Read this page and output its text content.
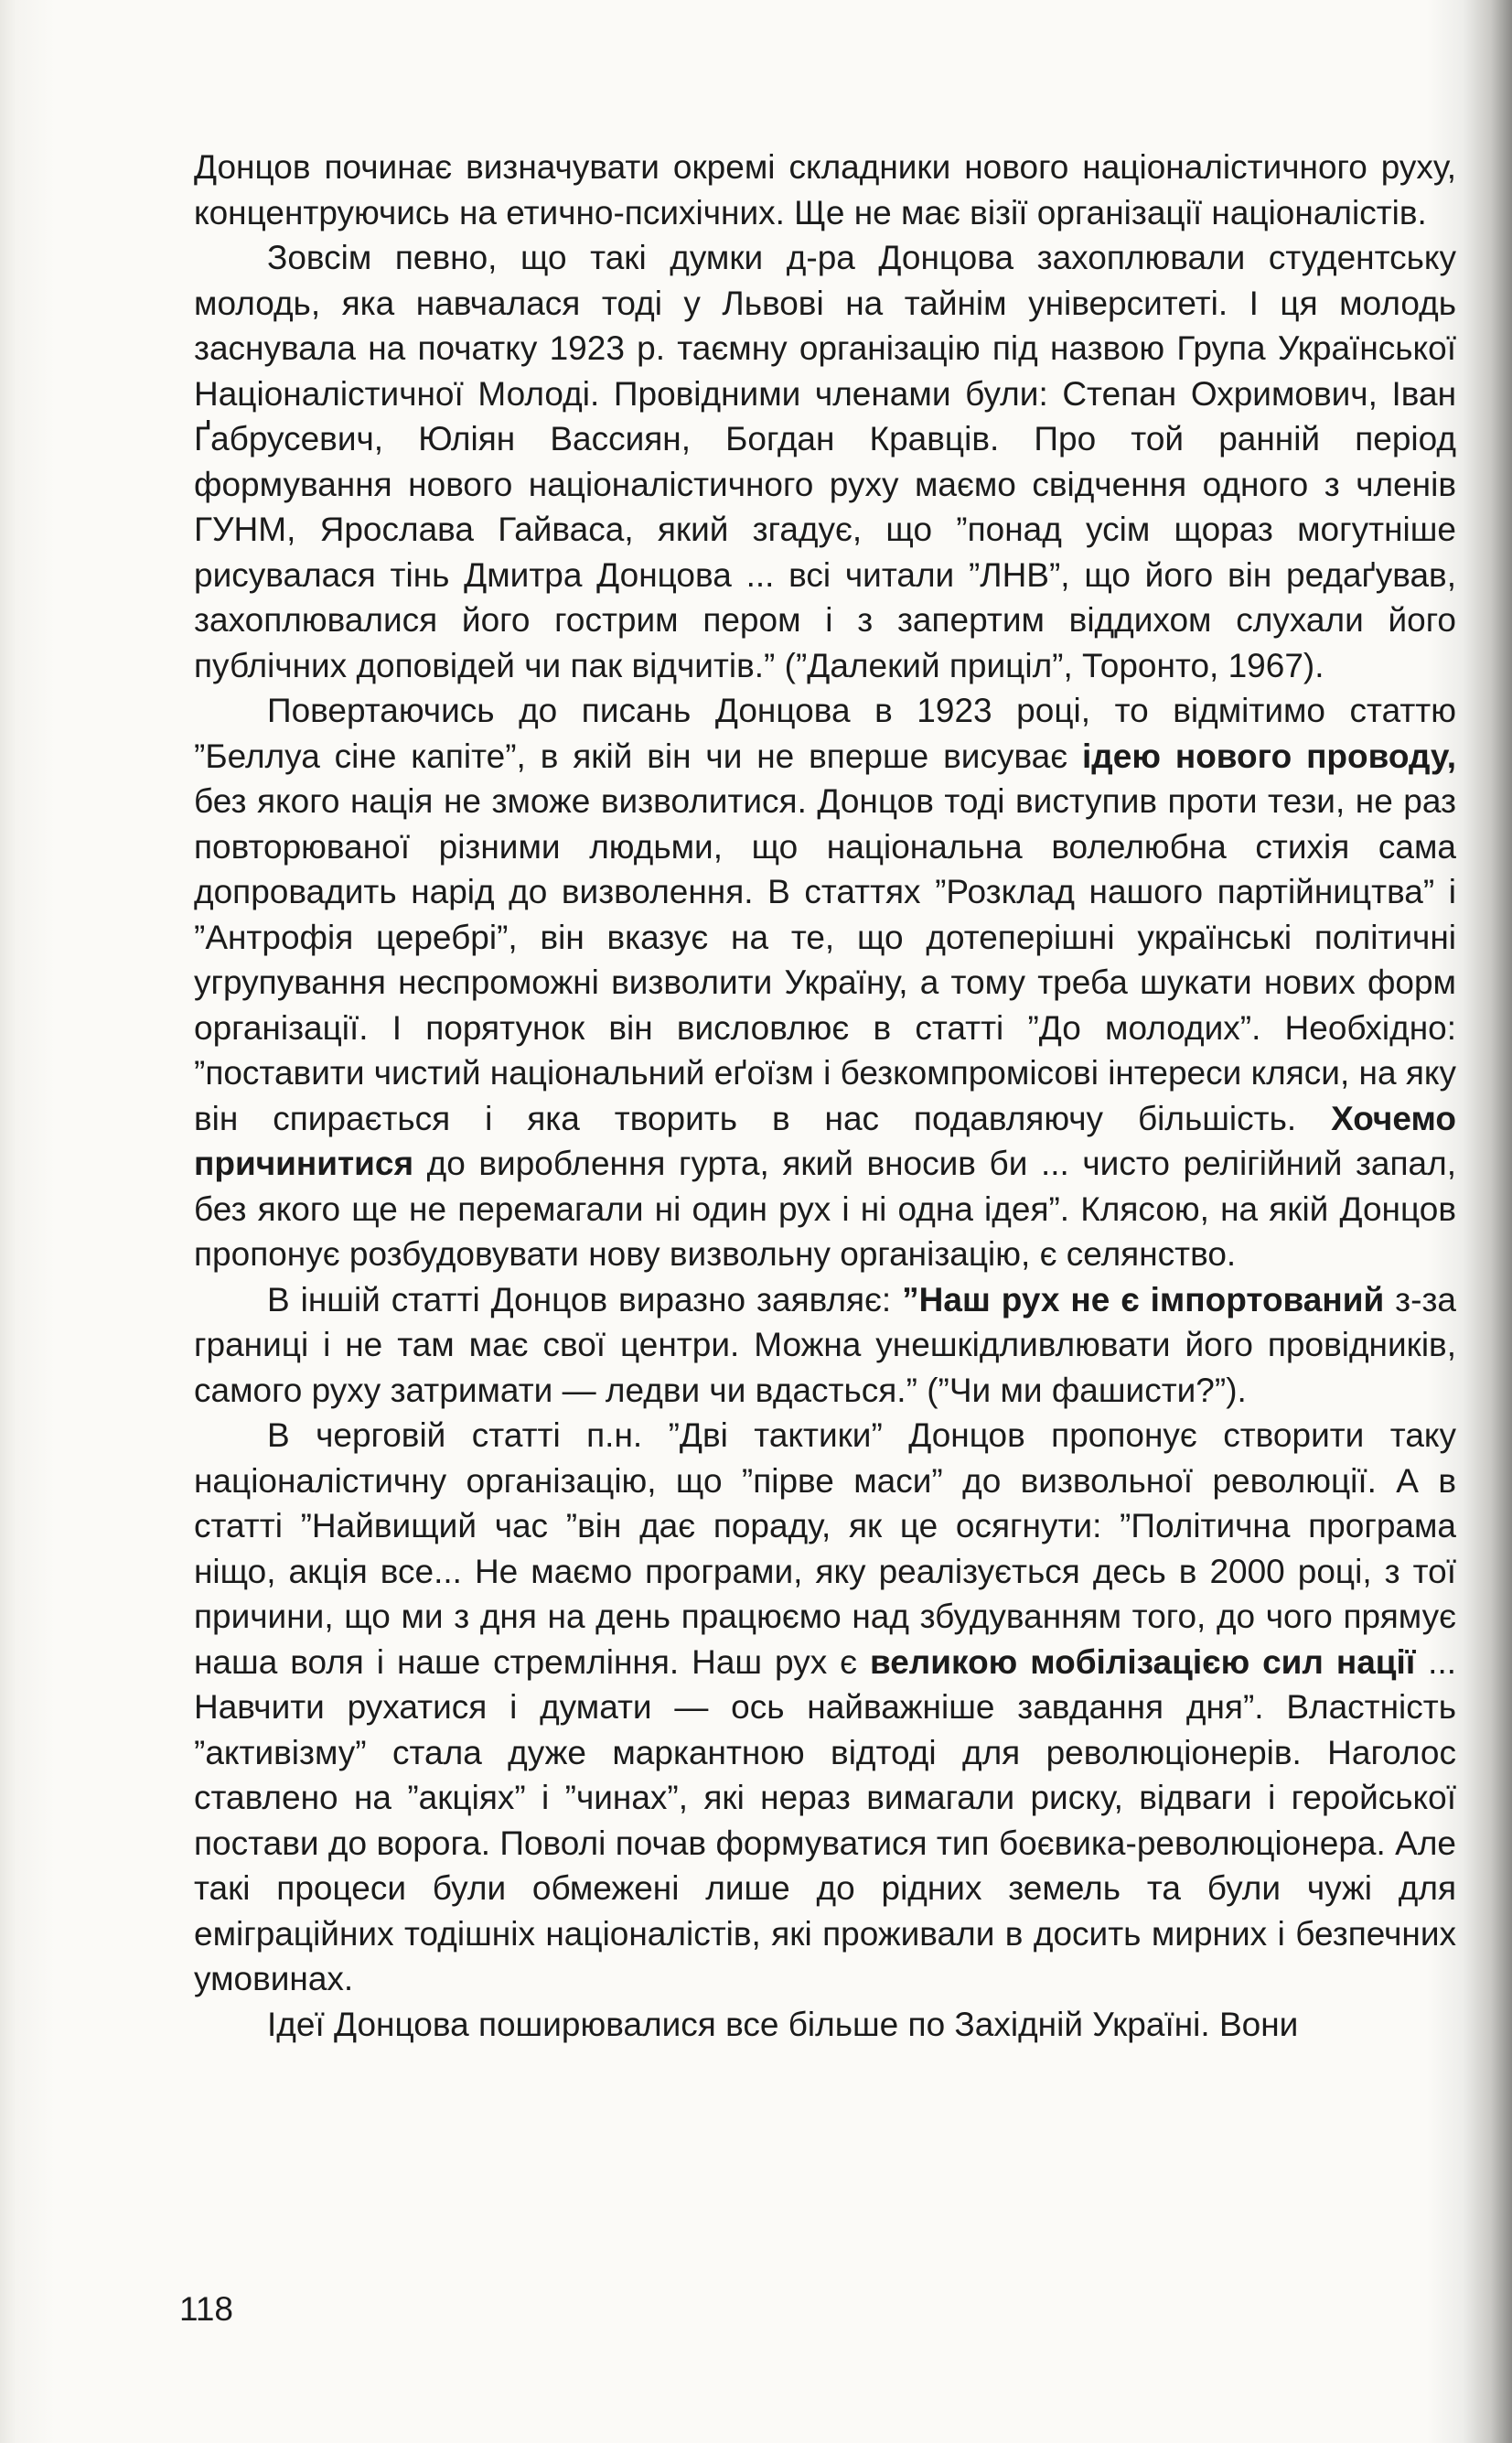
Донцов починає визначувати окремі складники нового націоналістичного руху, концентруючись на етично-психічних. Ще не має візії організації націоналістів.

Зовсім певно, що такі думки д-ра Донцова захоплювали студентську молодь, яка навчалася тоді у Львові на тайнім університеті. І ця молодь заснувала на початку 1923 р. таємну організацію під назвою Група Української Націоналістичної Молоді. Провідними членами були: Степан Охримович, Іван Ґабрусевич, Юліян Вассиян, Богдан Кравців. Про той ранній період формування нового націоналістичного руху маємо свідчення одного з членів ГУНМ, Ярослава Гайваса, який згадує, що ”понад усім щораз могутніше рисувалася тінь Дмитра Донцова ... всі читали ”ЛНВ”, що його він редаґував, захоплювалися його гострим пером і з запертим віддихом слухали його публічних доповідей чи пак відчитів.” (”Далекий приціл”, Торонто, 1967).

Повертаючись до писань Донцова в 1923 році, то відмітимо статтю ”Беллуа сіне капіте”, в якій він чи не вперше висуває ідею нового проводу, без якого нація не зможе визволитися. Донцов тоді виступив проти тези, не раз повторюваної різними людьми, що національна волелюбна стихія сама допровадить нарід до визволення. В статтях ”Розклад нашого партійництва” і ”Антрофія церебрі”, він вказує на те, що дотеперішні українські політичні угрупування неспроможні визволити Україну, а тому треба шукати нових форм організації. І порятунок він висловлює в статті ”До молодих”. Необхідно: ”поставити чистий національний еґоїзм і безкомпромісові інтереси кляси, на яку він спирається і яка творить в нас подавляючу більшість. Хочемо причинитися до вироблення гурта, який вносив би ... чисто релігійний запал, без якого ще не перемагали ні один рух і ні одна ідея”. Клясою, на якій Донцов пропонує розбудовувати нову визвольну організацію, є селянство.

В іншій статті Донцов виразно заявляє: ”Наш рух не є імпортований з-за границі і не там має свої центри. Можна унешкідливлювати його провідників, самого руху затримати — ледви чи вдасться.” (”Чи ми фашисти?”).

В черговій статті п.н. ”Дві тактики” Донцов пропонує створити таку націоналістичну організацію, що ”пірве маси” до визвольної революції. А в статті ”Найвищий час ”він дає пораду, як це осягнути: ”Політична програма ніщо, акція все... Не маємо програми, яку реалізується десь в 2000 році, з тої причини, що ми з дня на день працюємо над збудуванням того, до чого прямує наша воля і наше стремління. Наш рух є великою мобілізацією сил нації ... Навчити рухатися і думати — ось найважніше завдання дня”. Властність ”активізму” стала дуже маркантною відтоді для революціонерів. Наголос ставлено на ”акціях” і ”чинах”, які нераз вимагали риску, відваги і геройської постави до ворога. Поволі почав формуватися тип боєвика-революціонера. Але такі процеси були обмежені лише до рідних земель та були чужі для еміграційних тодішніх націоналістів, які проживали в досить мирних і безпечних умовинах.

Ідеї Донцова поширювалися все більше по Західній Україні. Вони

118
